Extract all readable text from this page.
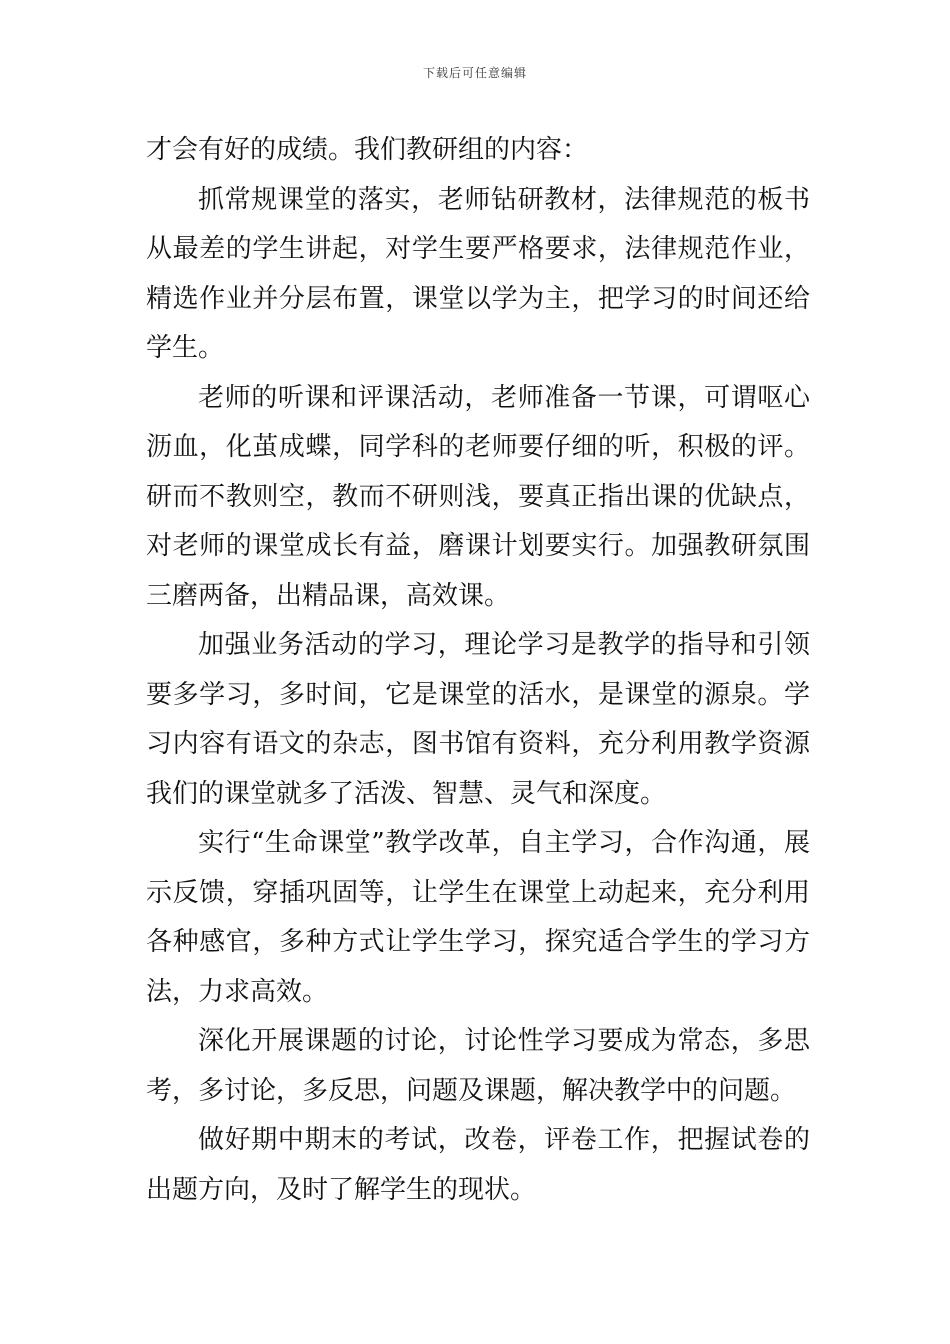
下载后可任意编辑

才会有好的成绩。我们教研组的内容：

抓常规课堂的落实，老师钻研教材，法律规范的板书从最差的学生讲起，对学生要严格要求，法律规范作业，精选作业并分层布置，课堂以学为主，把学习的时间还给学生。

老师的听课和评课活动，老师准备一节课，可谓呕心沥血，化茧成蝶，同学科的老师要仔细的听，积极的评。研而不教则空，教而不研则浅，要真正指出课的优缺点，对老师的课堂成长有益，磨课计划要实行。加强教研氛围三磨两备，出精品课，高效课。

加强业务活动的学习，理论学习是教学的指导和引领要多学习，多时间，它是课堂的活水，是课堂的源泉。学习内容有语文的杂志，图书馆有资料，充分利用教学资源我们的课堂就多了活泼、智慧、灵气和深度。

实行“生命课堂”教学改革，自主学习，合作沟通，展示反馈，穿插巩固等，让学生在课堂上动起来，充分利用各种感官，多种方式让学生学习，探究适合学生的学习方法，力求高效。

深化开展课题的讨论，讨论性学习要成为常态，多思考，多讨论，多反思，问题及课题，解决教学中的问题。

做好期中期末的考试，改卷，评卷工作，把握试卷的出题方向，及时了解学生的现状。
